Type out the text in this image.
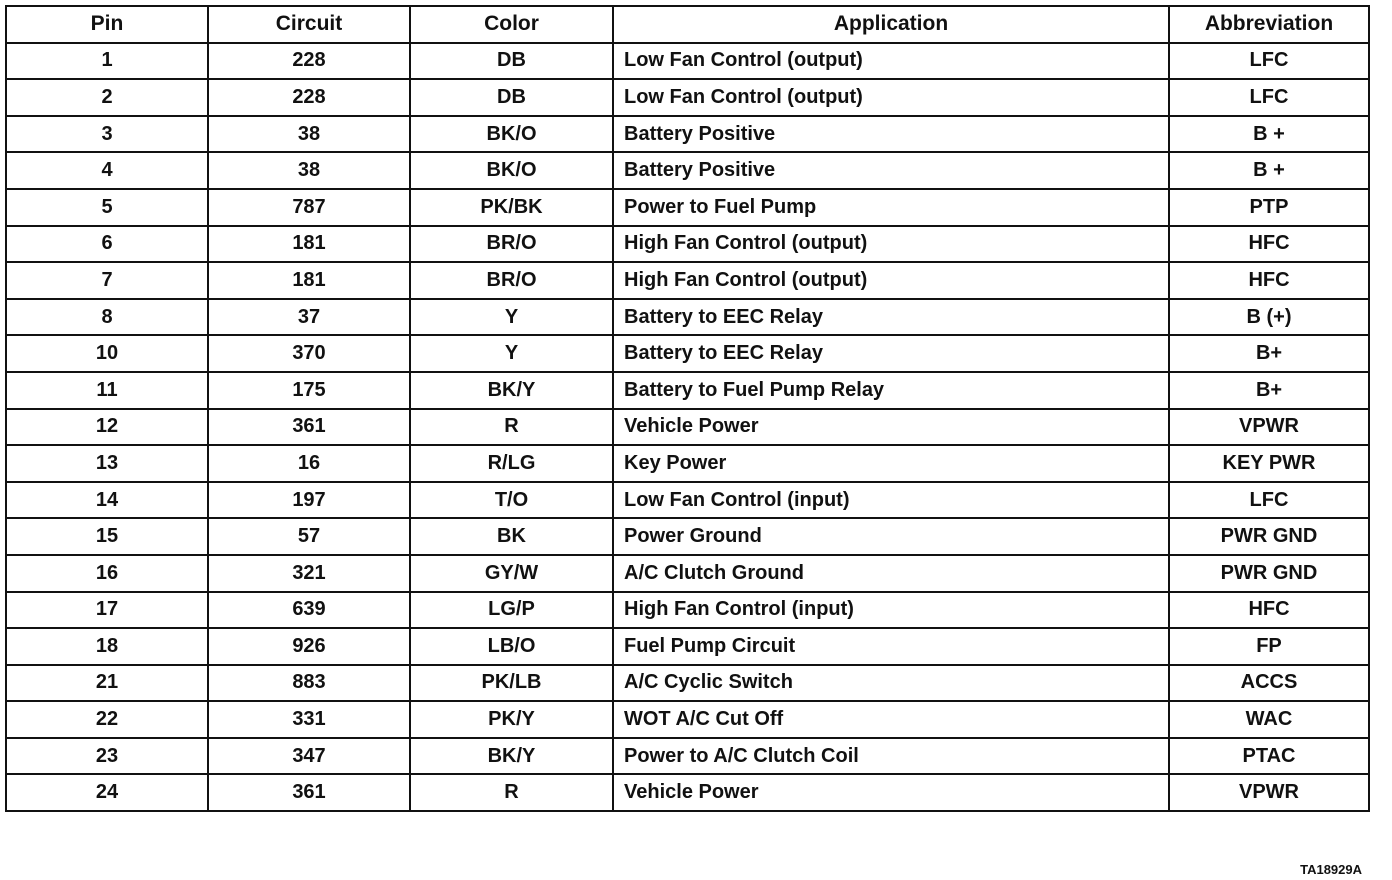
Pin	Circuit	Color	Application	Abbreviation
1	228	DB	Low Fan Control (output)	LFC
2	228	DB	Low Fan Control (output)	LFC
3	38	BK/O	Battery Positive	B +
4	38	BK/O	Battery Positive	B +
5	787	PK/BK	Power to Fuel Pump	PTP
6	181	BR/O	High Fan Control (output)	HFC
7	181	BR/O	High Fan Control (output)	HFC
8	37	Y	Battery to EEC Relay	B (+)
10	370	Y	Battery to EEC Relay	B+
11	175	BK/Y	Battery to Fuel Pump Relay	B+
12	361	R	Vehicle Power	VPWR
13	16	R/LG	Key Power	KEY PWR
14	197	T/O	Low Fan Control (input)	LFC
15	57	BK	Power Ground	PWR GND
16	321	GY/W	A/C Clutch Ground	PWR GND
17	639	LG/P	High Fan Control (input)	HFC
18	926	LB/O	Fuel Pump Circuit	FP
21	883	PK/LB	A/C Cyclic Switch	ACCS
22	331	PK/Y	WOT A/C Cut Off	WAC
23	347	BK/Y	Power to A/C Clutch Coil	PTAC
24	361	R	Vehicle Power	VPWR
TA18929A
